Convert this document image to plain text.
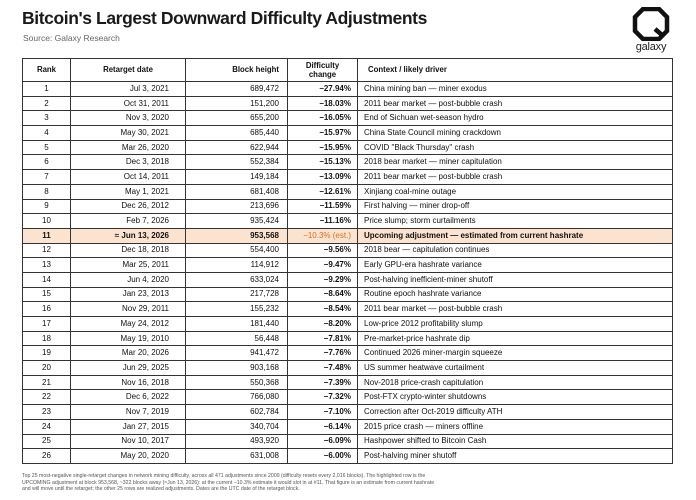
Bitcoin's Largest Downward Difficulty Adjustments
Source: Galaxy Research
galaxy
Rank	Retarget date	Block height	Difficulty change	Context / likely driver
1	Jul 3, 2021	689,472	−27.94%	China mining ban — miner exodus
2	Oct 31, 2011	151,200	−18.03%	2011 bear market — post-bubble crash
3	Nov 3, 2020	655,200	−16.05%	End of Sichuan wet-season hydro
4	May 30, 2021	685,440	−15.97%	China State Council mining crackdown
5	Mar 26, 2020	622,944	−15.95%	COVID "Black Thursday" crash
6	Dec 3, 2018	552,384	−15.13%	2018 bear market — miner capitulation
7	Oct 14, 2011	149,184	−13.09%	2011 bear market — post-bubble crash
8	May 1, 2021	681,408	−12.61%	Xinjiang coal-mine outage
9	Dec 26, 2012	213,696	−11.59%	First halving — miner drop-off
10	Feb 7, 2026	935,424	−11.16%	Price slump; storm curtailments
11	≈ Jun 13, 2026	953,568	−10.3% (est.)	Upcoming adjustment — estimated from current hashrate
12	Dec 18, 2018	554,400	−9.56%	2018 bear — capitulation continues
13	Mar 25, 2011	114,912	−9.47%	Early GPU-era hashrate variance
14	Jun 4, 2020	633,024	−9.29%	Post-halving inefficient-miner shutoff
15	Jan 23, 2013	217,728	−8.64%	Routine epoch hashrate variance
16	Nov 29, 2011	155,232	−8.54%	2011 bear market — post-bubble crash
17	May 24, 2012	181,440	−8.20%	Low-price 2012 profitability slump
18	May 19, 2010	56,448	−7.81%	Pre-market-price hashrate dip
19	Mar 20, 2026	941,472	−7.76%	Continued 2026 miner-margin squeeze
20	Jun 29, 2025	903,168	−7.48%	US summer heatwave curtailment
21	Nov 16, 2018	550,368	−7.39%	Nov-2018 price-crash capitulation
22	Dec 6, 2022	766,080	−7.32%	Post-FTX crypto-winter shutdowns
23	Nov 7, 2019	602,784	−7.10%	Correction after Oct-2019 difficulty ATH
24	Jan 27, 2015	340,704	−6.14%	2015 price crash — miners offline
25	Nov 10, 2017	493,920	−6.09%	Hashpower shifted to Bitcoin Cash
26	May 20, 2020	631,008	−6.00%	Post-halving miner shutoff
Top 25 most-negative single-retarget changes in network mining difficulty, across all 471 adjustments since 2009 (difficulty resets every 2,016 blocks). The highlighted row is the UPCOMING adjustment at block 953,568, ~322 blocks away (≈Jun 13, 2026): at the current −10.3% estimate it would slot in at #11. That figure is an estimate from current hashrate and will move until the retarget; the other 25 rows are realized adjustments. Dates are the UTC date of the retarget block.
